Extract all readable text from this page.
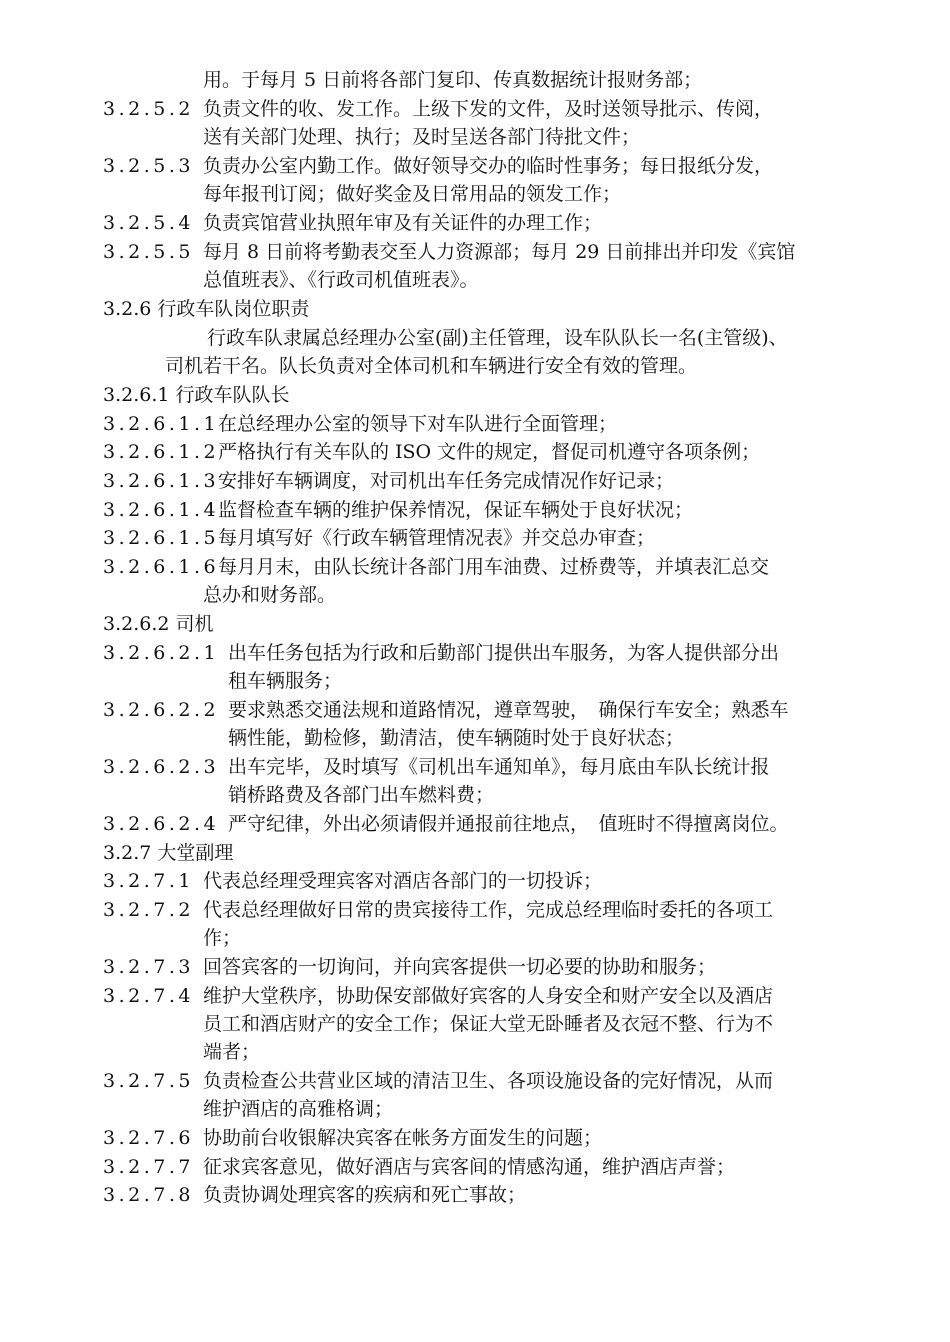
用。于每月 5 日前将各部门复印、传真数据统计报财务部；
3.2.5.2 负责文件的收、发工作。上级下发的文件，及时送领导批示、传阅，
送有关部门处理、执行；及时呈送各部门待批文件；
3.2.5.3 负责办公室内勤工作。做好领导交办的临时性事务；每日报纸分发，
每年报刊订阅；做好奖金及日常用品的领发工作；
3.2.5.4 负责宾馆营业执照年审及有关证件的办理工作；
3.2.5.5 每月 8 日前将考勤表交至人力资源部；每月 29 日前排出并印发《宾馆
总值班表》、《行政司机值班表》。
3.2.6 行政车队岗位职责
行政车队隶属总经理办公室(副)主任管理，设车队队长一名(主管级)、
司机若干名。队长负责对全体司机和车辆进行安全有效的管理。
3.2.6.1 行政车队队长
3.2.6.1.1
在总经理办公室的领导下对车队进行全面管理；
3.2.6.1.2
严格执行有关车队的 ISO 文件的规定，督促司机遵守各项条例；
3.2.6.1.3
安排好车辆调度，对司机出车任务完成情况作好记录；
3.2.6.1.4
监督检查车辆的维护保养情况，保证车辆处于良好状况；
3.2.6.1.5
每月填写好《行政车辆管理情况表》并交总办审查；
3.2.6.1.6
每月月末，由队长统计各部门用车油费、过桥费等，并填表汇总交
总办和财务部。
3.2.6.2 司机
3.2.6.2.1 出车任务包括为行政和后勤部门提供出车服务，为客人提供部分出
租车辆服务；
3.2.6.2.2 要求熟悉交通法规和道路情况，遵章驾驶，　确保行车安全；熟悉车
辆性能，勤检修，勤清洁，使车辆随时处于良好状态；
3.2.6.2.3 出车完毕，及时填写《司机出车通知单》，每月底由车队长统计报
销桥路费及各部门出车燃料费；
3.2.6.2.4 严守纪律，外出必须请假并通报前往地点，　值班时不得擅离岗位。
3.2.7 大堂副理
3.2.7.1 代表总经理受理宾客对酒店各部门的一切投诉；
3.2.7.2 代表总经理做好日常的贵宾接待工作，完成总经理临时委托的各项工
作；
3.2.7.3 回答宾客的一切询问，并向宾客提供一切必要的协助和服务；
3.2.7.4 维护大堂秩序，协助保安部做好宾客的人身安全和财产安全以及酒店
员工和酒店财产的安全工作；保证大堂无卧睡者及衣冠不整、行为不
端者；
3.2.7.5 负责检查公共营业区域的清洁卫生、各项设施设备的完好情况，从而
维护酒店的高雅格调；
3.2.7.6 协助前台收银解决宾客在帐务方面发生的问题；
3.2.7.7 征求宾客意见，做好酒店与宾客间的情感沟通，维护酒店声誉；
3.2.7.8 负责协调处理宾客的疾病和死亡事故；
